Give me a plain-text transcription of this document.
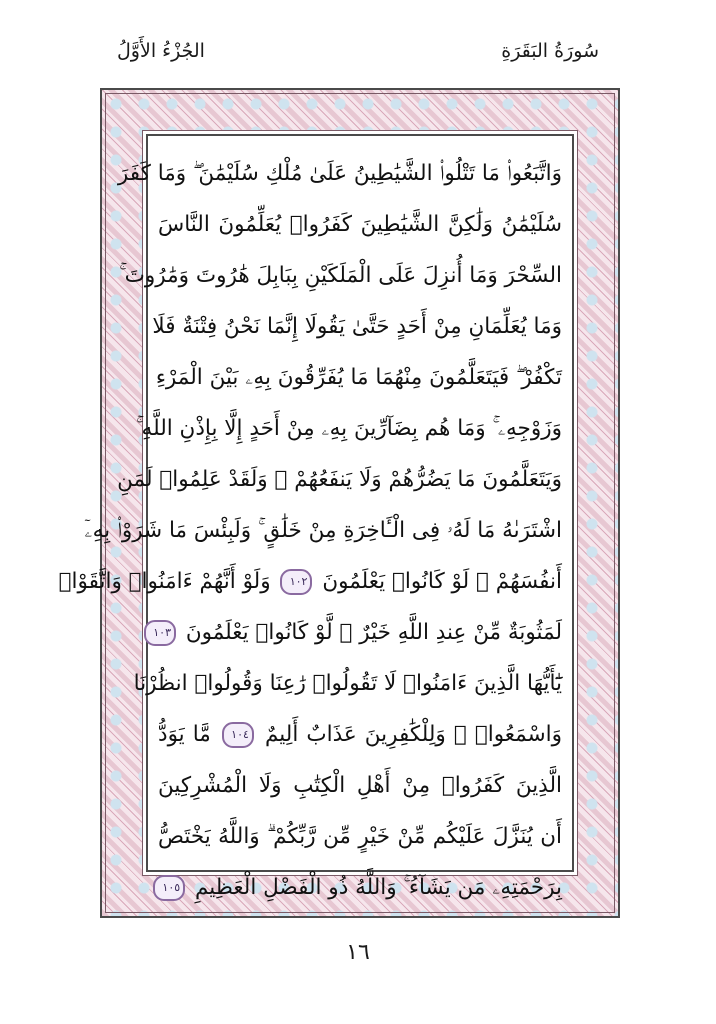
سُورَةُ البَقَرَةِ
الجُزْءُ الأَوَّلُ
وَاتَّبَعُوا۟ مَا تَتْلُوا۟ الشَّيَٰطِينُ عَلَىٰ مُلْكِ سُلَيْمَٰنَ ۖ وَمَا كَفَرَ
سُلَيْمَٰنُ وَلَٰكِنَّ الشَّيَٰطِينَ كَفَرُوا۟ يُعَلِّمُونَ النَّاسَ
السِّحْرَ وَمَا أُنزِلَ عَلَى الْمَلَكَيْنِ بِبَابِلَ هَٰرُوتَ وَمَٰرُوتَ ۚ
وَمَا يُعَلِّمَانِ مِنْ أَحَدٍ حَتَّىٰ يَقُولَا إِنَّمَا نَحْنُ فِتْنَةٌ فَلَا
تَكْفُرْ ۖ فَيَتَعَلَّمُونَ مِنْهُمَا مَا يُفَرِّقُونَ بِهِۦ بَيْنَ الْمَرْءِ
وَزَوْجِهِۦ ۚ وَمَا هُم بِضَآرِّينَ بِهِۦ مِنْ أَحَدٍ إِلَّا بِإِذْنِ اللَّهِ ۚ
وَيَتَعَلَّمُونَ مَا يَضُرُّهُمْ وَلَا يَنفَعُهُمْ ۚ وَلَقَدْ عَلِمُوا۟ لَمَنِ
اشْتَرَىٰهُ مَا لَهُۥ فِى الْـَٔاخِرَةِ مِنْ خَلَٰقٍ ۚ وَلَبِئْسَ مَا شَرَوْا۟ بِهِۦٓ
أَنفُسَهُمْ ۚ لَوْ كَانُوا۟ يَعْلَمُونَ ١٠٢ وَلَوْ أَنَّهُمْ ءَامَنُوا۟ وَاتَّقَوْا۟
لَمَثُوبَةٌ مِّنْ عِندِ اللَّهِ خَيْرٌ ۖ لَّوْ كَانُوا۟ يَعْلَمُونَ ١٠٣
يَٰٓأَيُّهَا الَّذِينَ ءَامَنُوا۟ لَا تَقُولُوا۟ رَٰعِنَا وَقُولُوا۟ انظُرْنَا
وَاسْمَعُوا۟ ۗ وَلِلْكَٰفِرِينَ عَذَابٌ أَلِيمٌ ١٠٤ مَّا يَوَدُّ
الَّذِينَ كَفَرُوا۟ مِنْ أَهْلِ الْكِتَٰبِ وَلَا الْمُشْرِكِينَ
أَن يُنَزَّلَ عَلَيْكُم مِّنْ خَيْرٍ مِّن رَّبِّكُمْ ۗ وَاللَّهُ يَخْتَصُّ
بِرَحْمَتِهِۦ مَن يَشَآءُ ۚ وَاللَّهُ ذُو الْفَضْلِ الْعَظِيمِ ١٠٥
١٦
